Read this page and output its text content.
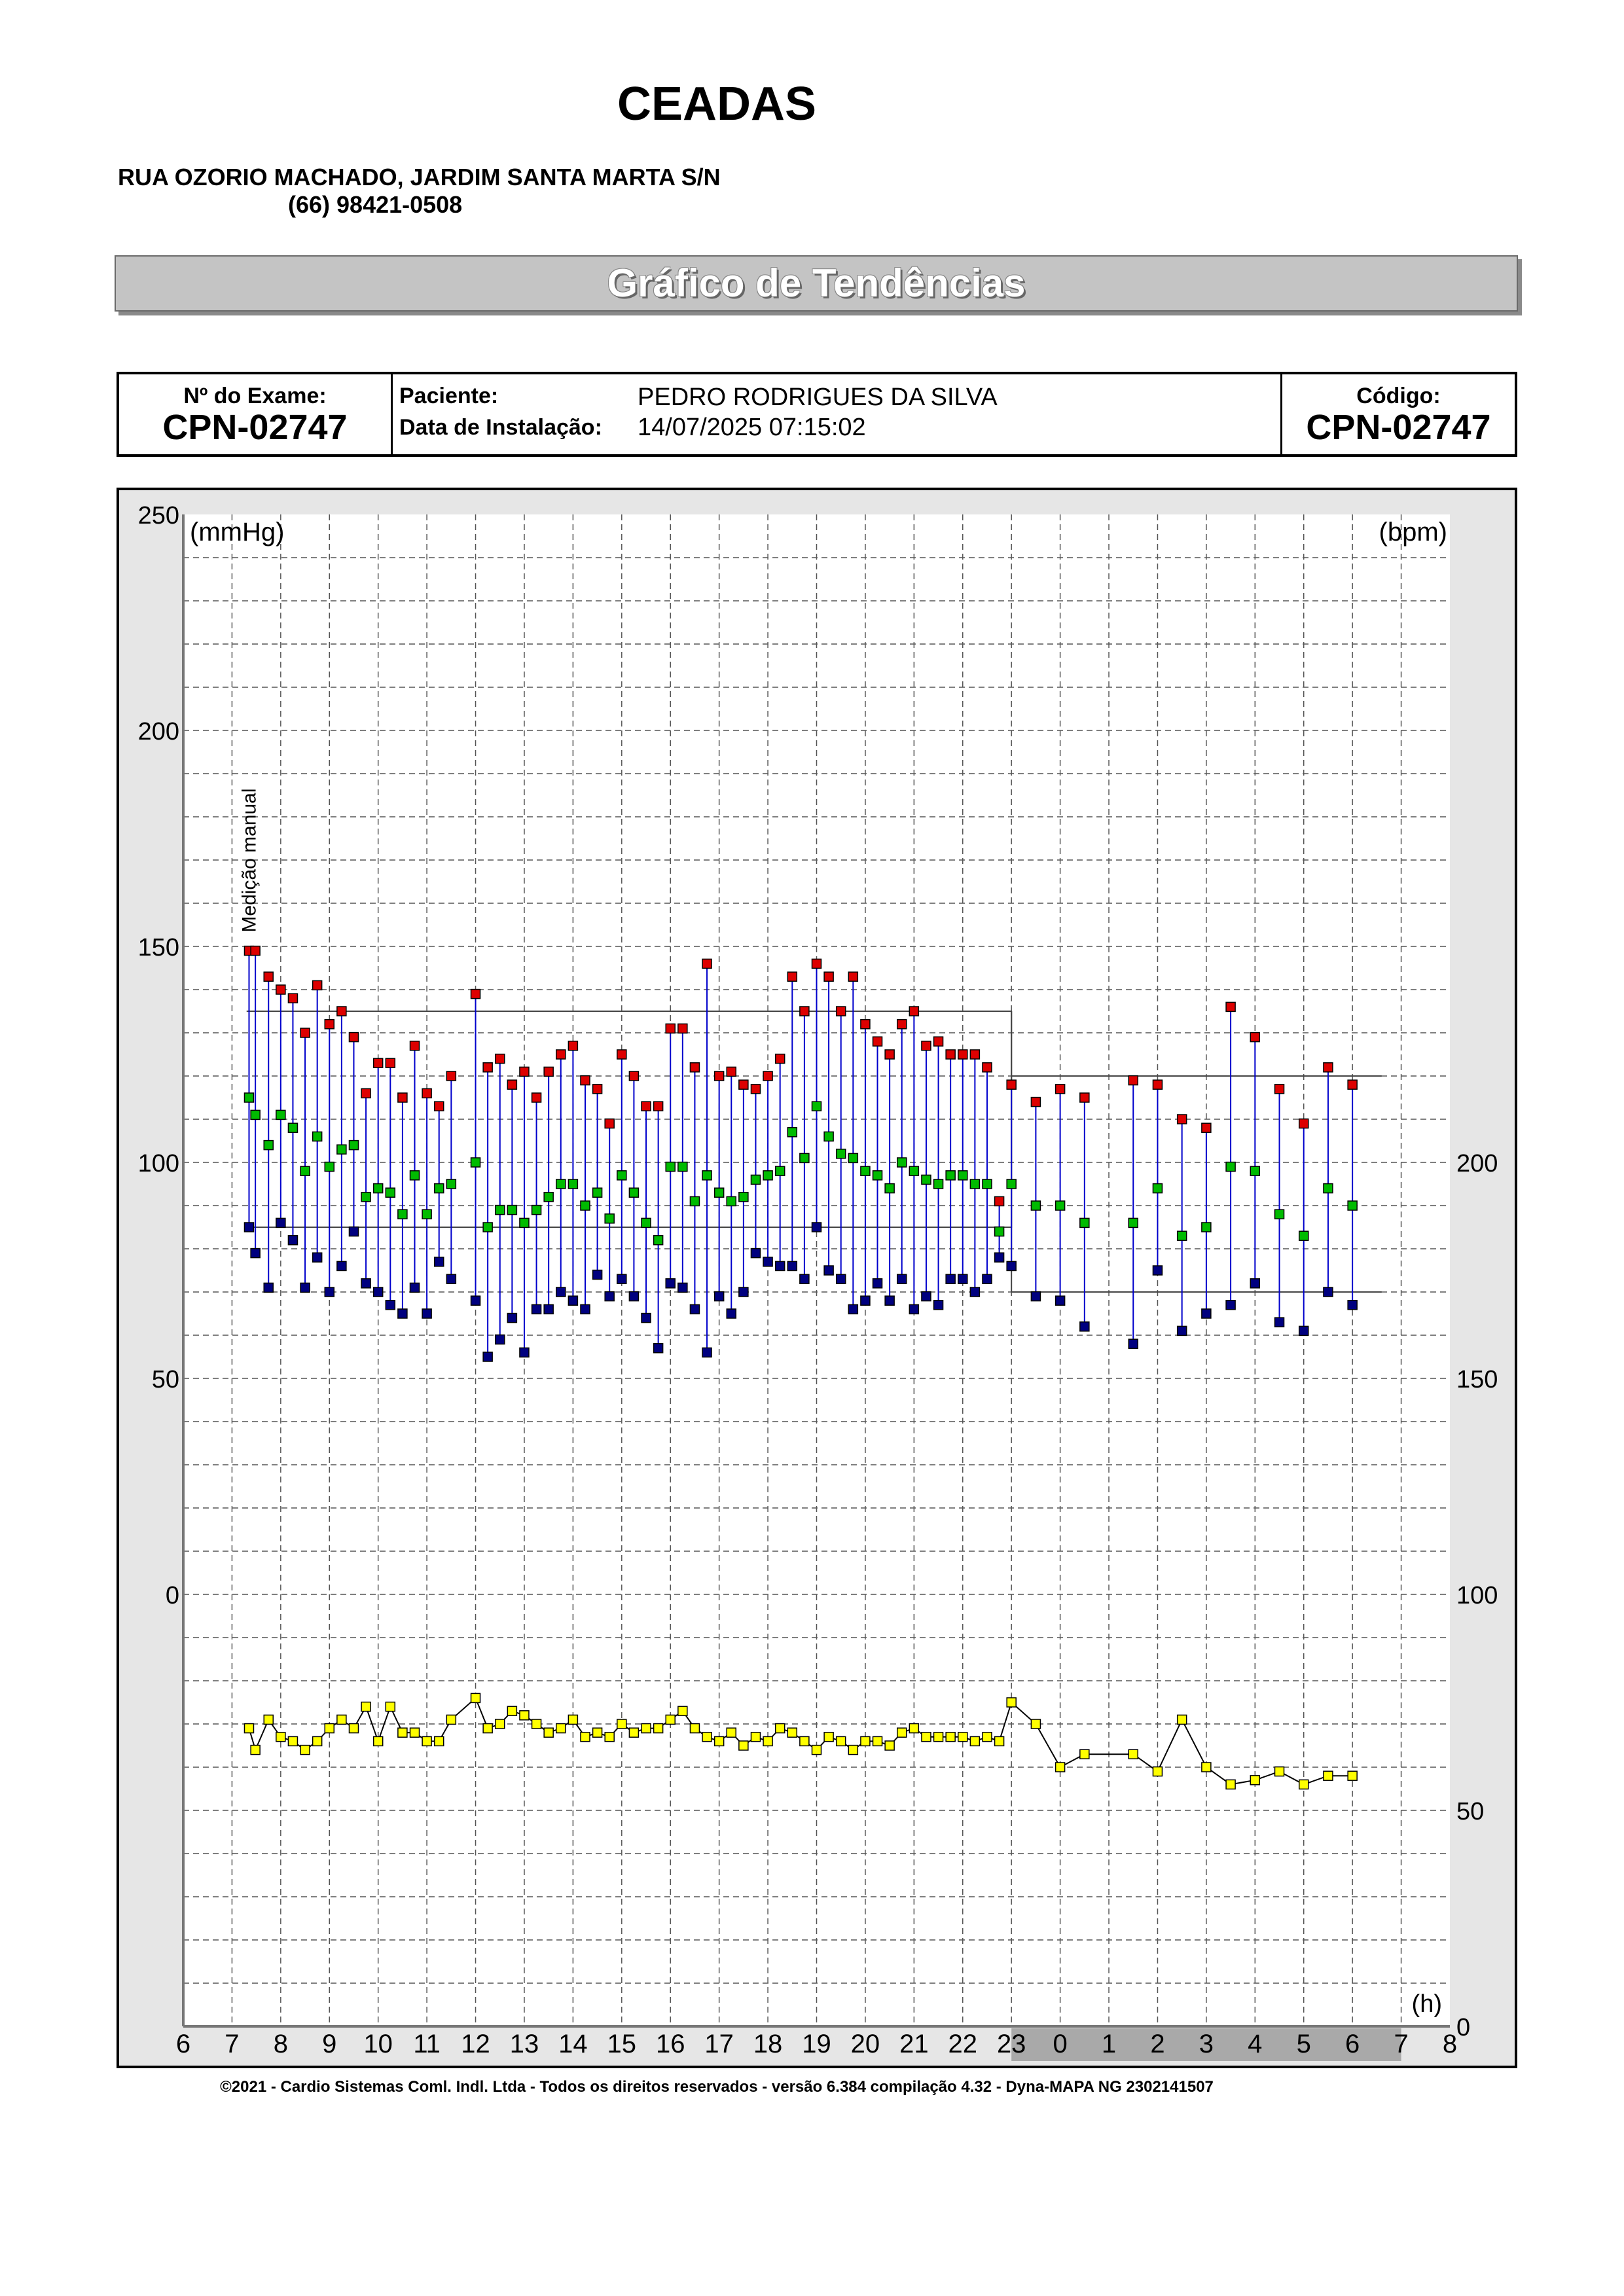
CEADAS
RUA OZORIO MACHADO, JARDIM SANTA MARTA S/N
(66) 98421-0508
Gráfico de Tendências
Nº do Exame:
CPN-02747
Paciente:	PEDRO RODRIGUES DA SILVA
Data de Instalação: 14/07/2025 07:15:02
Código:
CPN-02747
0
50
100
150
200
250
0
50
100
150
200
6 7 8 9 10 11 12 13 14 15 16 17 18 19 20 21 22 23 0 1 2 3 4 5 6 7 8
(mmHg)	(bpm)
(h)
Medição manual
©2021 - Cardio Sistemas Coml. Indl. Ltda - Todos os direitos reservados - versão 6.384 compilação 4.32 - Dyna-MAPA NG 2302141507
